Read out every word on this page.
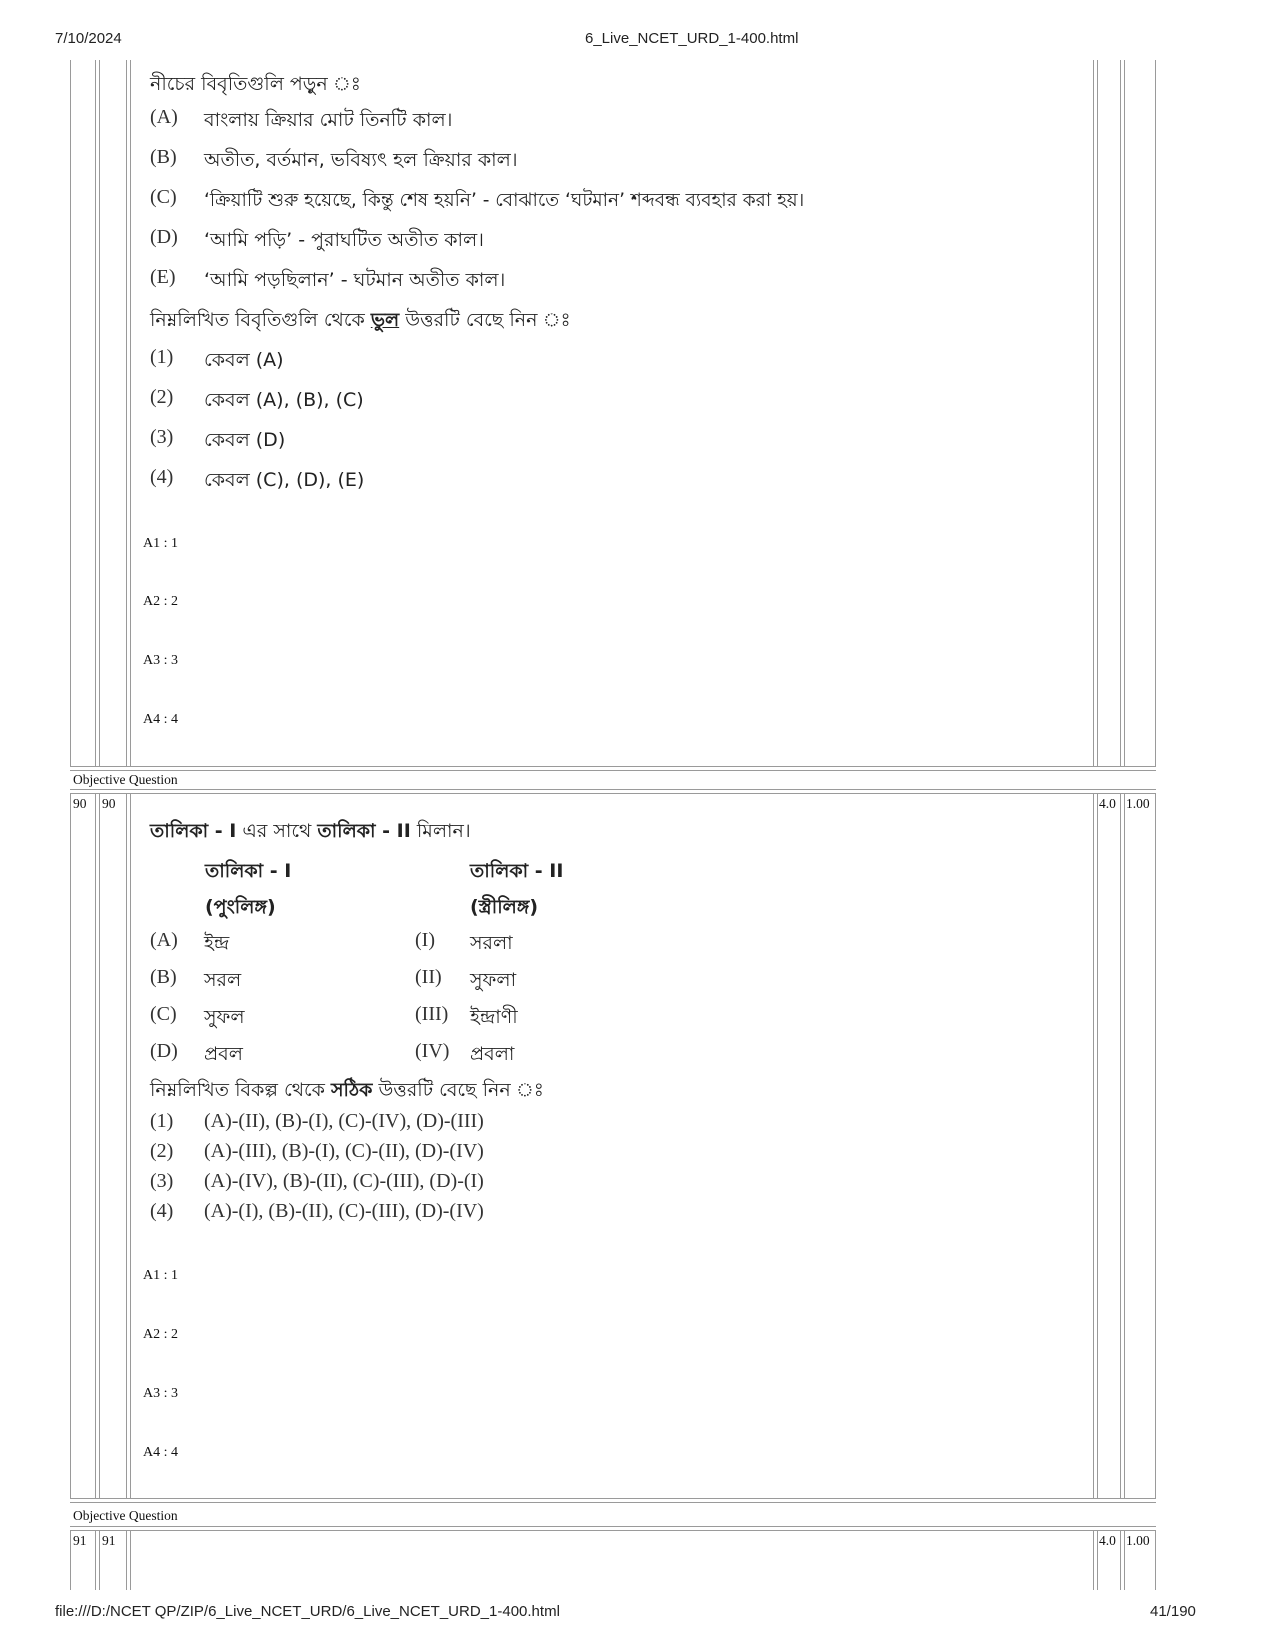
7/10/2024	6_Live_NCET_URD_1-400.html
file:///D:/NCET QP/ZIP/6_Live_NCET_URD/6_Live_NCET_URD_1-400.html	41/190
নীচের বিবৃতিগুলি পড়ুন ঃ
(A) বাংলায় ক্রিয়ার মোট তিনটি কাল।
(B) অতীত, বর্তমান, ভবিষ্যৎ হল ক্রিয়ার কাল।
(C) ‘ক্রিয়াটি শুরু হয়েছে, কিন্তু শেষ হয়নি’ - বোঝাতে ‘ঘটমান’ শব্দবন্ধ ব্যবহার করা হয়।
(D) ‘আমি পড়ি’ - পুরাঘটিত অতীত কাল।
(E) ‘আমি পড়ছিলান’ - ঘটমান অতীত কাল।
নিম্নলিখিত বিবৃতিগুলি থেকে ভুল উত্তরটি বেছে নিন ঃ
(1) কেবল (A)
(2) কেবল (A), (B), (C)
(3) কেবল (D)
(4) কেবল (C), (D), (E)
A1 : 1
A2 : 2
A3 : 3
A4 : 4
Objective Question
90 90	4.0 1.00
তালিকা - I এর সাথে তালিকা - II মিলান।
তালিকা - I	তালিকা - II
(পুংলিঙ্গ)	(স্ত্রীলিঙ্গ)
(A) ইন্দ্র	(I) সরলা
(B) সরল	(II) সুফলা
(C) সুফল	(III) ইন্দ্রাণী
(D) প্রবল	(IV) প্রবলা
নিম্নলিখিত বিকল্প থেকে সঠিক উত্তরটি বেছে নিন ঃ
(1) (A)-(II), (B)-(I), (C)-(IV), (D)-(III)
(2) (A)-(III), (B)-(I), (C)-(II), (D)-(IV)
(3) (A)-(IV), (B)-(II), (C)-(III), (D)-(I)
(4) (A)-(I), (B)-(II), (C)-(III), (D)-(IV)
A1 : 1
A2 : 2
A3 : 3
A4 : 4
Objective Question
91 91	4.0 1.00
